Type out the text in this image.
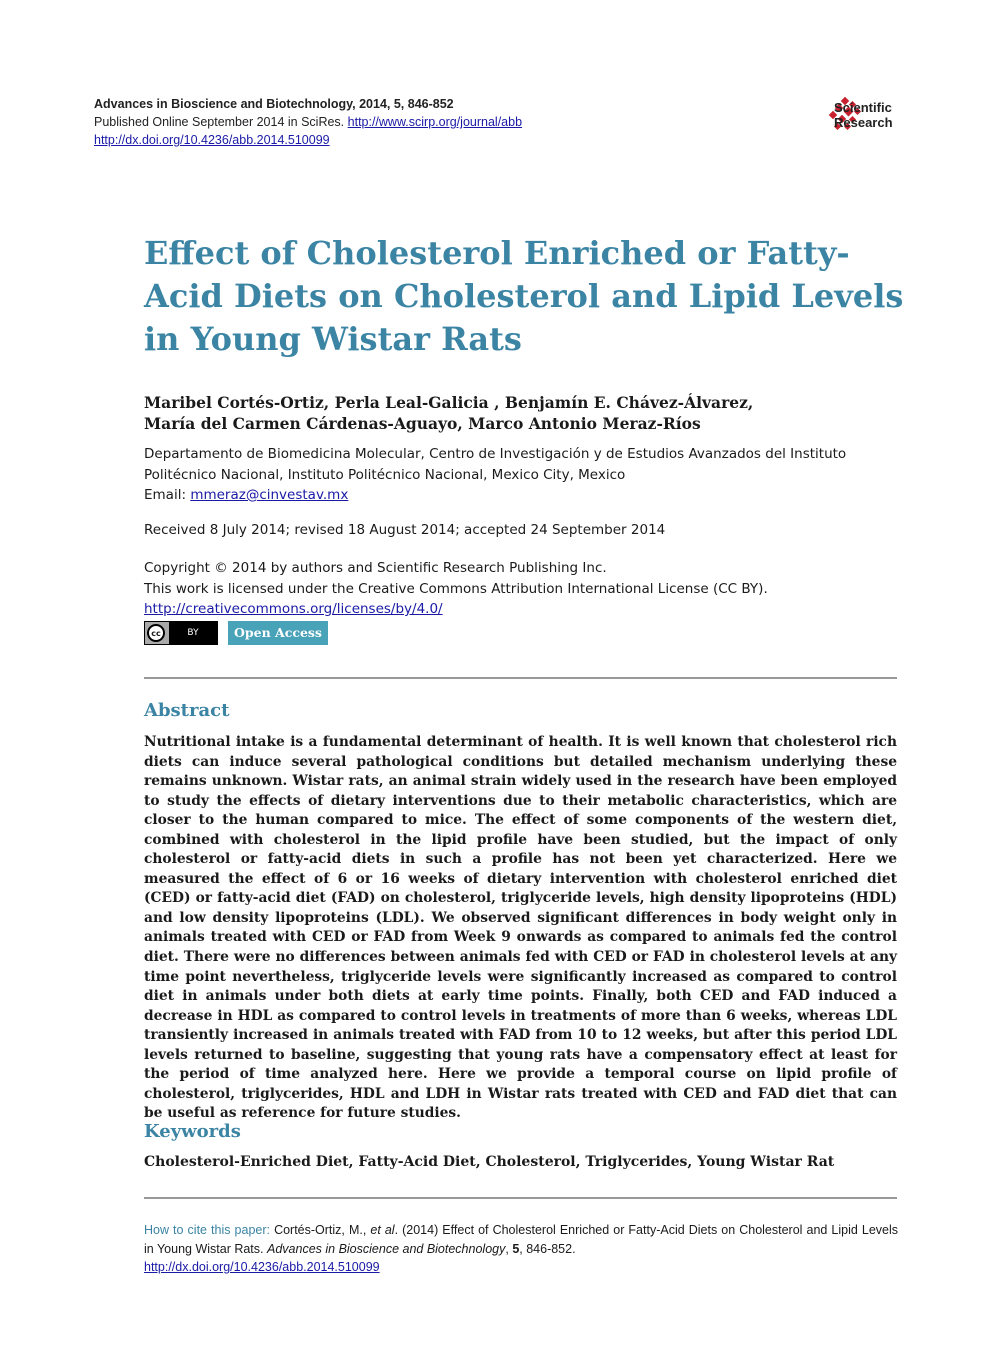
Advances in Bioscience and Biotechnology, 2014, 5, 846-852
Published Online September 2014 in SciRes. http://www.scirp.org/journal/abb
http://dx.doi.org/10.4236/abb.2014.510099
Scientific
Research
Effect of Cholesterol Enriched or Fatty-Acid Diets on Cholesterol and Lipid Levels in Young Wistar Rats
Maribel Cortés-Ortiz, Perla Leal-Galicia , Benjamín E. Chávez-Álvarez,
María del Carmen Cárdenas-Aguayo, Marco Antonio Meraz-Ríos
Departamento de Biomedicina Molecular, Centro de Investigación y de Estudios Avanzados del Instituto Politécnico Nacional, Instituto Politécnico Nacional, Mexico City, Mexico
Email: mmeraz@cinvestav.mx
Received 8 July 2014; revised 18 August 2014; accepted 24 September 2014
Copyright © 2014 by authors and Scientific Research Publishing Inc.
This work is licensed under the Creative Commons Attribution International License (CC BY).
http://creativecommons.org/licenses/by/4.0/
cc	BY	Open Access
Abstract
Nutritional intake is a fundamental determinant of health. It is well known that cholesterol rich diets can induce several pathological conditions but detailed mechanism underlying these remains unknown. Wistar rats, an animal strain widely used in the research have been employed to study the effects of dietary interventions due to their metabolic characteristics, which are closer to the human compared to mice. The effect of some components of the western diet, combined with cholesterol in the lipid profile have been studied, but the impact of only cholesterol or fatty-acid diets in such a profile has not been yet characterized. Here we measured the effect of 6 or 16 weeks of dietary intervention with cholesterol enriched diet (CED) or fatty-acid diet (FAD) on cholesterol, triglyceride levels, high density lipoproteins (HDL) and low density lipoproteins (LDL). We observed significant differences in body weight only in animals treated with CED or FAD from Week 9 onwards as compared to animals fed the control diet. There were no differences between animals fed with CED or FAD in cholesterol levels at any time point nevertheless, triglyceride levels were significantly increased as compared to control diet in animals under both diets at early time points. Finally, both CED and FAD induced a decrease in HDL as compared to control levels in treatments of more than 6 weeks, whereas LDL transiently increased in animals treated with FAD from 10 to 12 weeks, but after this period LDL levels returned to baseline, suggesting that young rats have a compensatory effect at least for the period of time analyzed here. Here we provide a temporal course on lipid profile of cholesterol, triglycerides, HDL and LDH in Wistar rats treated with CED and FAD diet that can be useful as reference for future studies.
Keywords
Cholesterol-Enriched Diet, Fatty-Acid Diet, Cholesterol, Triglycerides, Young Wistar Rat
How to cite this paper: Cortés-Ortiz, M., et al. (2014) Effect of Cholesterol Enriched or Fatty-Acid Diets on Cholesterol and Lipid Levels in Young Wistar Rats. Advances in Bioscience and Biotechnology, 5, 846-852.
http://dx.doi.org/10.4236/abb.2014.510099
